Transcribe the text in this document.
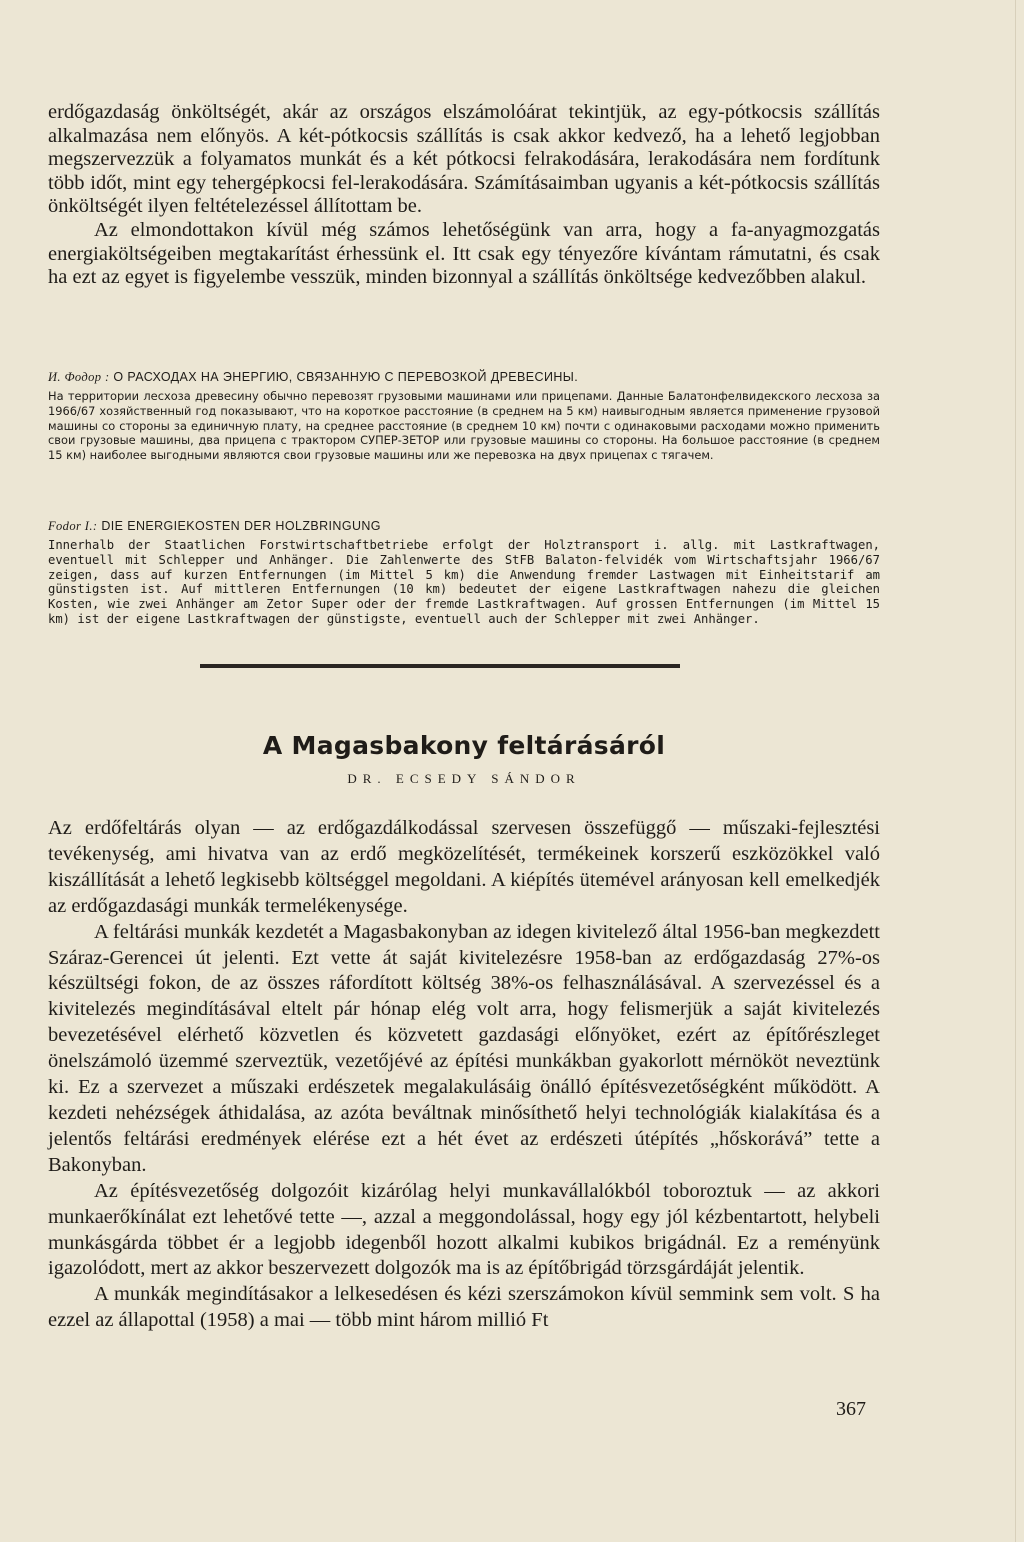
erdőgazdaság önköltségét, akár az országos elszámolóárat tekintjük, az egy-pótkocsis szállítás alkalmazása nem előnyös. A két-pótkocsis szállítás is csak akkor kedvező, ha a lehető legjobban megszervezzük a folyamatos munkát és a két pótkocsi felrakodására, lerakodására nem fordítunk több időt, mint egy tehergépkocsi fel-lerakodására. Számításaimban ugyanis a két-pótkocsis szállítás önköltségét ilyen feltételezéssel állítottam be.

Az elmondottakon kívül még számos lehetőségünk van arra, hogy a fa-anyagmozgatás energiaköltségeiben megtakarítást érhessünk el. Itt csak egy tényezőre kívántam rámutatni, és csak ha ezt az egyet is figyelembe vesszük, minden bizonnyal a szállítás önköltsége kedvezőbben alakul.

И. Фодор : О РАСХОДАХ НА ЭНЕРГИЮ, СВЯЗАННУЮ С ПЕРЕВОЗКОЙ ДРЕВЕСИНЫ.

На территории лесхоза древесину обычно перевозят грузовыми машинами или прицепами. Данные Балатонфелвидекского лесхоза за 1966/67 хозяйственный год показывают, что на короткое расстояние (в среднем на 5 км) наивыгодным является применение грузовой машины со стороны за единичную плату, на среднее расстояние (в среднем 10 км) почти с одинаковыми расходами можно применить свои грузовые машины, два прицепа с трактором СУПЕР-ЗЕТОР или грузовые машины со стороны. На большое расстояние (в среднем 15 км) наиболее выгодными являются свои грузовые машины или же перевозка на двух прицепах с тягачем.

Fodor I.: DIE ENERGIEKOSTEN DER HOLZBRINGUNG

Innerhalb der Staatlichen Forstwirtschaftbetriebe erfolgt der Holztransport i. allg. mit Lastkraftwagen, eventuell mit Schlepper und Anhänger. Die Zahlenwerte des StFB Balaton-felvidék vom Wirtschaftsjahr 1966/67 zeigen, dass auf kurzen Entfernungen (im Mittel 5 km) die Anwendung fremder Lastwagen mit Einheitstarif am günstigsten ist. Auf mittleren Entfernungen (10 km) bedeutet der eigene Lastkraftwagen nahezu die gleichen Kosten, wie zwei Anhänger am Zetor Super oder der fremde Lastkraftwagen. Auf grossen Entfernungen (im Mittel 15 km) ist der eigene Lastkraftwagen der günstigste, eventuell auch der Schlepper mit zwei Anhänger.

A Magasbakony feltárásáról

DR. ECSEDY SÁNDOR

Az erdőfeltárás olyan — az erdőgazdálkodással szervesen összefüggő — műszaki-fejlesztési tevékenység, ami hivatva van az erdő megközelítését, termékeinek korszerű eszközökkel való kiszállítását a lehető legkisebb költséggel megoldani. A kiépítés ütemével arányosan kell emelkedjék az erdőgazdasági munkák termelékenysége.

A feltárási munkák kezdetét a Magasbakonyban az idegen kivitelező által 1956-ban megkezdett Száraz-Gerencei út jelenti. Ezt vette át saját kivitelezésre 1958-ban az erdőgazdaság 27%-os készültségi fokon, de az összes ráfordított költség 38%-os felhasználásával. A szervezéssel és a kivitelezés megindításával eltelt pár hónap elég volt arra, hogy felismerjük a saját kivitelezés bevezetésével elérhető közvetlen és közvetett gazdasági előnyöket, ezért az építőrészleget önelszámoló üzemmé szerveztük, vezetőjévé az építési munkákban gyakorlott mérnököt neveztünk ki. Ez a szervezet a műszaki erdészetek megalakulásáig önálló építésvezetőségként működött. A kezdeti nehézségek áthidalása, az azóta beváltnak minősíthető helyi technológiák kialakítása és a jelentős feltárási eredmények elérése ezt a hét évet az erdészeti útépítés „hőskorává” tette a Bakonyban.

Az építésvezetőség dolgozóit kizárólag helyi munkavállalókból toboroztuk — az akkori munkaerőkínálat ezt lehetővé tette —, azzal a meggondolással, hogy egy jól kézbentartott, helybeli munkásgárda többet ér a legjobb idegenből hozott alkalmi kubikos brigádnál. Ez a reményünk igazolódott, mert az akkor beszervezett dolgozók ma is az építőbrigád törzsgárdáját jelentik.

A munkák megindításakor a lelkesedésen és kézi szerszámokon kívül semmink sem volt. S ha ezzel az állapottal (1958) a mai — több mint három millió Ft

367
